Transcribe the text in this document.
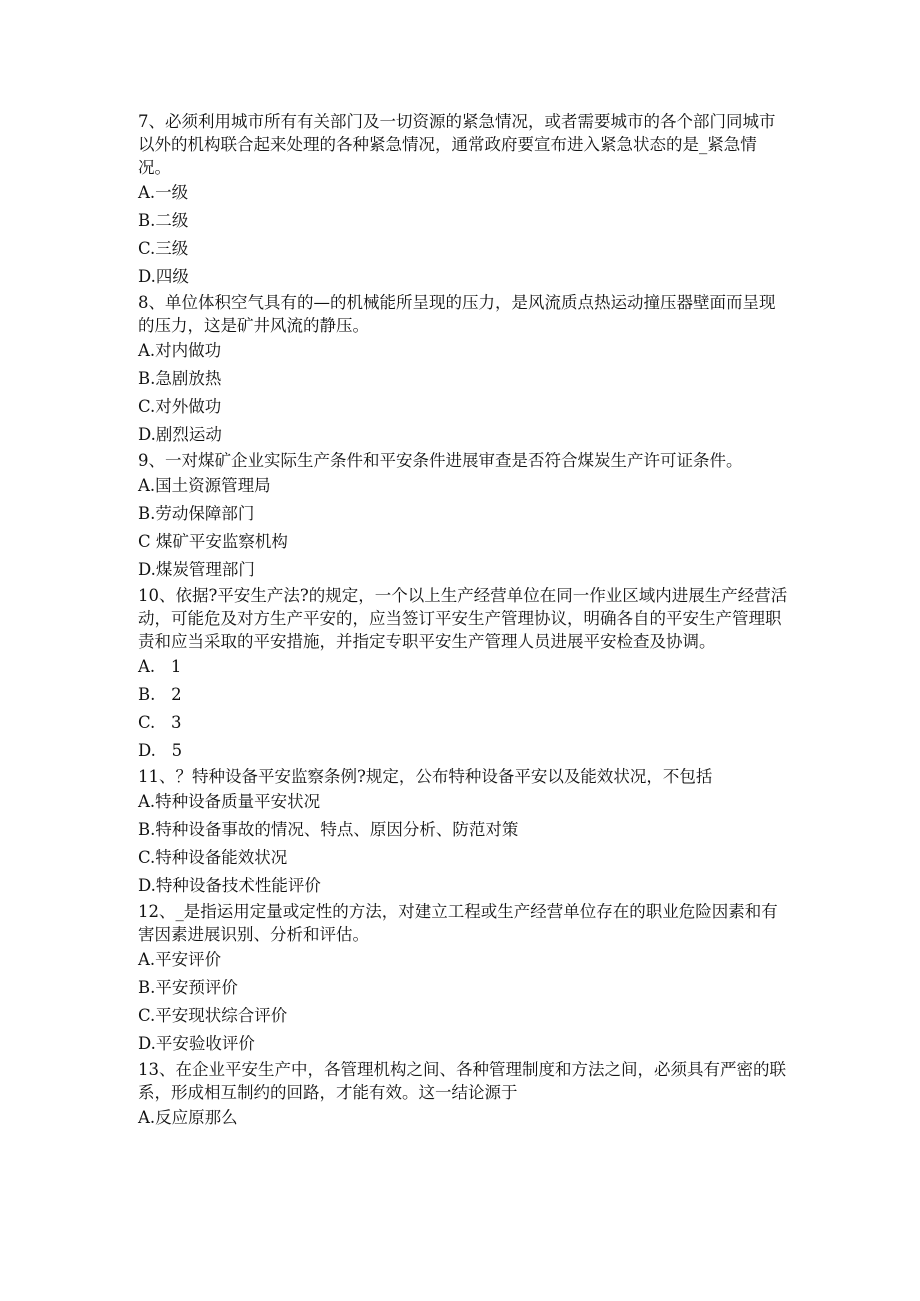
7、必须利用城市所有有关部门及一切资源的紧急情况，或者需要城市的各个部门同城市以外的机构联合起来处理的各种紧急情况，通常政府要宣布进入紧急状态的是_紧急情况。

A.一级
B.二级
C.三级
D.四级

8、单位体积空气具有的—的机械能所呈现的压力，是风流质点热运动撞压器壁面而呈现的压力，这是矿井风流的静压。

A.对内做功
B.急剧放热
C.对外做功
D.剧烈运动

9、一对煤矿企业实际生产条件和平安条件进展审查是否符合煤炭生产许可证条件。

A.国土资源管理局
B.劳动保障部门
C 煤矿平安监察机构
D.煤炭管理部门

10、依据?平安生产法?的规定，一个以上生产经营单位在同一作业区域内进展生产经营活动，可能危及对方生产平安的，应当签订平安生产管理协议，明确各自的平安生产管理职责和应当采取的平安措施，并指定专职平安生产管理人员进展平安检查及协调。

A.   1
B.   2
C.   3
D.   5

11、？特种设备平安监察条例?规定，公布特种设备平安以及能效状况，不包括

A.特种设备质量平安状况
B.特种设备事故的情况、特点、原因分析、防范对策
C.特种设备能效状况
D.特种设备技术性能评价

12、_是指运用定量或定性的方法，对建立工程或生产经营单位存在的职业危险因素和有害因素进展识别、分析和评估。

A.平安评价
B.平安预评价
C.平安现状综合评价
D.平安验收评价

13、在企业平安生产中，各管理机构之间、各种管理制度和方法之间，必须具有严密的联系，形成相互制约的回路，才能有效。这一结论源于

A.反应原那么
